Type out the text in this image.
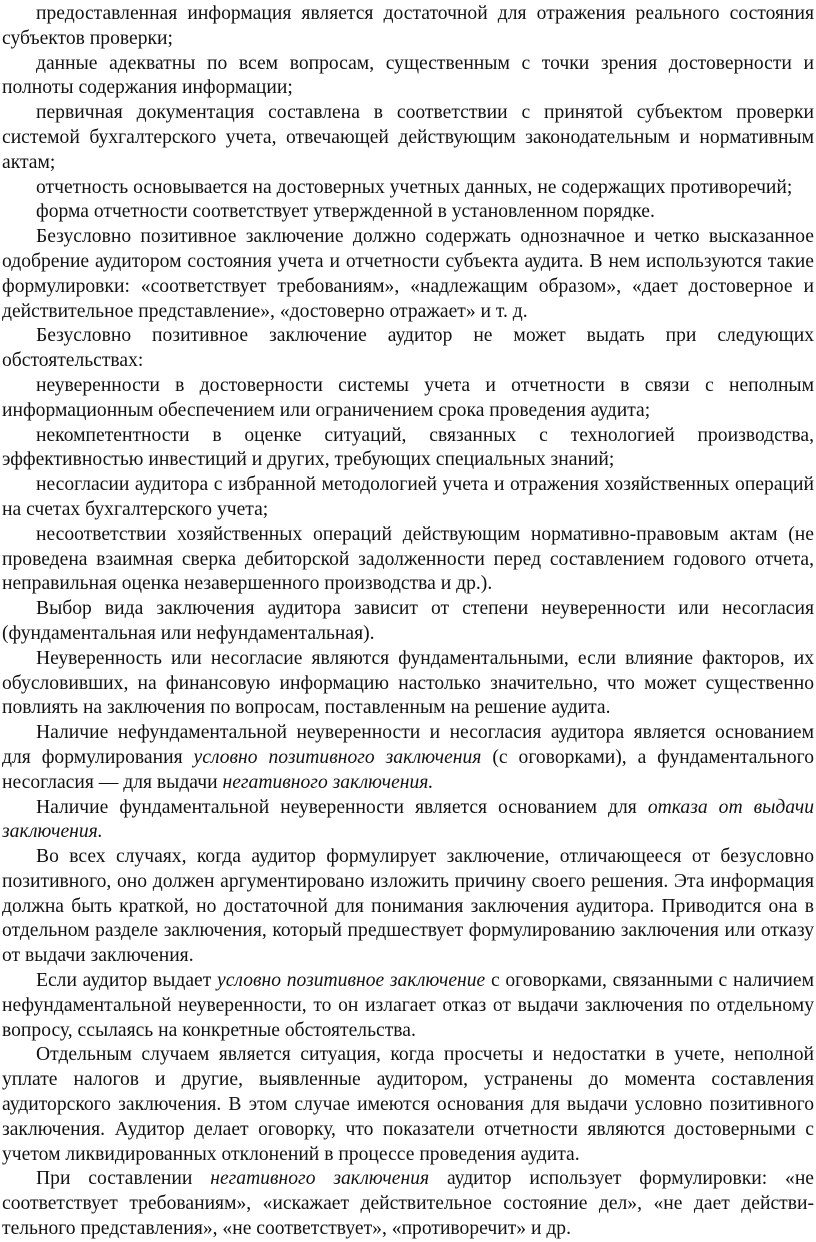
предоставленная информация является достаточной для отражения реального состояния субъектов проверки;

данные адекватны по всем вопросам, существенным с точки зрения достоверности и полноты содержания информации;

первичная документация составлена в соответствии с принятой субъектом проверки системой бухгалтерского учета, отвечающей действующим законодательным и нормативным актам;

отчетность основывается на достоверных учетных данных, не содержащих противоречий;

форма отчетности соответствует утвержденной в установленном порядке.

Безусловно позитивное заключение должно содержать однозначное и четко высказанное одобрение аудитором состояния учета и отчетности субъекта аудита. В нем используются такие формулировки: «соответствует требованиям», «надлежащим образом», «дает достоверное и действительное представление», «достоверно отражает» и т. д.

Безусловно позитивное заключение аудитор не может выдать при следующих обстоятельствах:

неуверенности в достоверности системы учета и отчетности в связи с неполным информационным обеспечением или ограничением срока проведения аудита;

некомпетентности в оценке ситуаций, связанных с технологией производства, эффективностью инвестиций и других, требующих специальных знаний;

несогласии аудитора с избранной методологией учета и отражения хозяйственных операций на счетах бухгалтерского учета;

несоответствии хозяйственных операций действующим нормативно-правовым актам (не проведена взаимная сверка дебиторской задолженности перед составлением годового отчета, неправильная оценка незавершенного производства и др.).

Выбор вида заключения аудитора зависит от степени неуверенности или несогласия (фундаментальная или нефундаментальная).

Неуверенность или несогласие являются фундаментальными, если влияние факторов, их обусловивших, на финансовую информацию настолько значительно, что может существенно повлиять на заключения по вопросам, поставленным на решение аудита.

Наличие нефундаментальной неуверенности и несогласия аудитора является основанием для формулирования условно позитивного заключения (с оговорками), а фундаментального несогласия — для выдачи негативного заключения.

Наличие фундаментальной неуверенности является основанием для отказа от выдачи заключения.

Во всех случаях, когда аудитор формулирует заключение, отличающееся от безусловно позитивного, оно должен аргументировано изложить причину своего решения. Эта информация должна быть краткой, но достаточной для понимания заключения аудитора. Приводится она в отдельном разделе заключения, который предшествует формулированию заключения или отказу от выдачи заключения.

Если аудитор выдает условно позитивное заключение с оговорками, связанными с наличием нефундаментальной неуверенности, то он излагает отказ от выдачи заключения по отдельному вопросу, ссылаясь на конкретные обстоятельства.

Отдельным случаем является ситуация, когда просчеты и недостатки в учете, неполной уплате налогов и другие, выявленные аудитором, устранены до момента составления аудиторского заключения. В этом случае имеются основания для выдачи условно позитивного заключения. Аудитор делает оговорку, что показатели отчетности являются достоверными с учетом ликвидированных отклонений в процессе проведения аудита.

При составлении негативного заключения аудитор использует формулировки: «не соответствует требованиям», «искажает действительное состояние дел», «не дает действительного представления», «не соответствует», «противоречит» и др.
